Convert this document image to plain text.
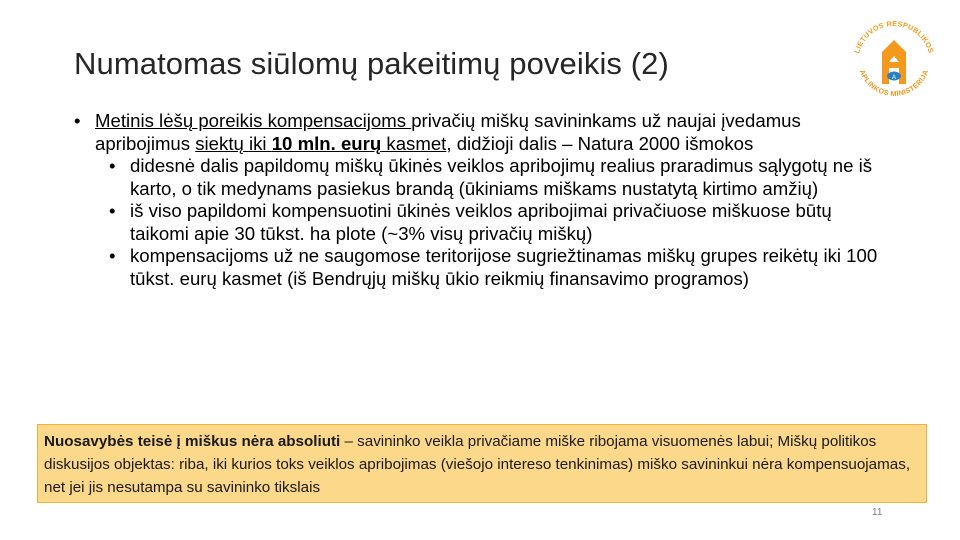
Numatomas siūlomų pakeitimų poveikis (2)	LIETUVOS RESPUBLIKOS
APLINKOS MINISTERIJA
A
• Metinis lėšų poreikis kompensacijoms privačių miškų savininkams už naujai įvedamus apribojimus siektų iki 10 mln. eurų kasmet, didžioji dalis – Natura 2000 išmokos
• didesnė dalis papildomų miškų ūkinės veiklos apribojimų realius praradimus sąlygotų ne iš karto, o tik medynams pasiekus brandą (ūkiniams miškams nustatytą kirtimo amžių)
• iš viso papildomi kompensuotini ūkinės veiklos apribojimai privačiuose miškuose būtų taikomi apie 30 tūkst. ha plote (~3% visų privačių miškų)
• kompensacijoms už ne saugomose teritorijose sugriežtinamas miškų grupes reikėtų iki 100 tūkst. eurų kasmet (iš Bendrųjų miškų ūkio reikmių finansavimo programos)
Nuosavybės teisė į miškus nėra absoliuti – savininko veikla privačiame miške ribojama visuomenės labui; Miškų politikos diskusijos objektas: riba, iki kurios toks veiklos apribojimas (viešojo intereso tenkinimas) miško savininkui nėra kompensuojamas, net jei jis nesutampa su savininko tikslais
11
